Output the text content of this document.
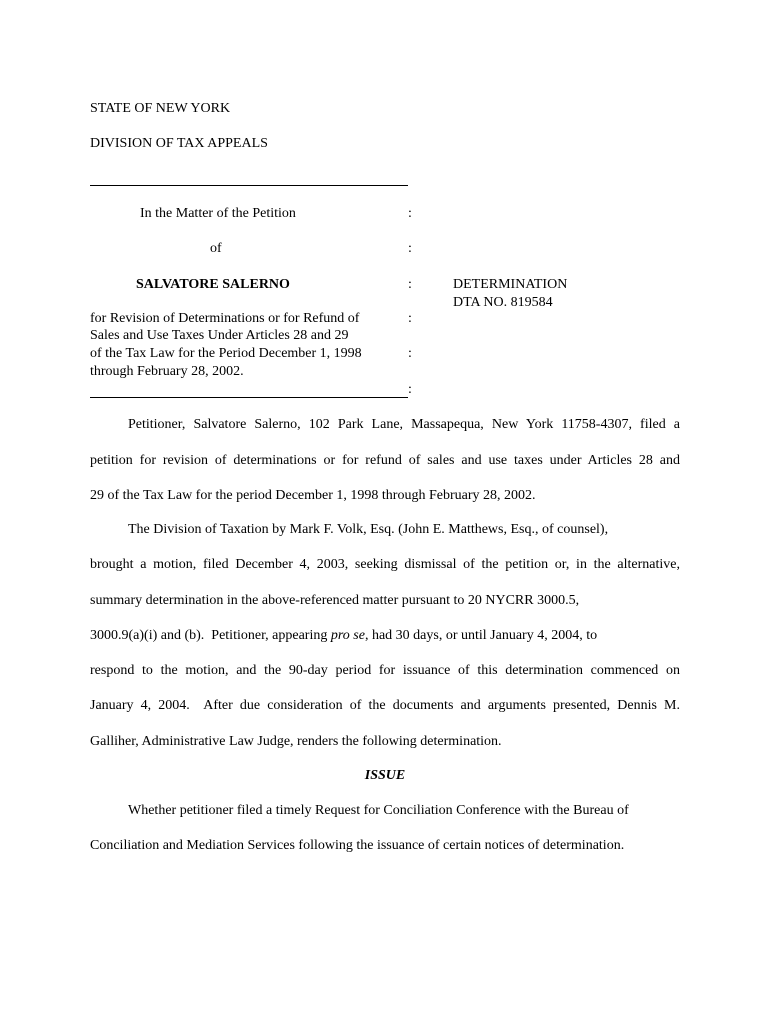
STATE OF NEW YORK
DIVISION OF TAX APPEALS
In the Matter of the Petition
of
SALVATORE SALERNO
for Revision of Determinations or for Refund of
Sales and Use Taxes Under Articles 28 and 29
of the Tax Law for the Period December 1, 1998
through February 28, 2002.
:
:
:
:
:
:
DETERMINATION
DTA NO. 819584
Petitioner, Salvatore Salerno, 102 Park Lane, Massapequa, New York 11758-4307, filed a
petition for revision of determinations or for refund of sales and use taxes under Articles 28 and
29 of the Tax Law for the period December 1, 1998 through February 28, 2002.
The Division of Taxation by Mark F. Volk, Esq. (John E. Matthews, Esq., of counsel),
brought a motion, filed December 4, 2003, seeking dismissal of the petition or, in the alternative,
summary determination in the above-referenced matter pursuant to 20 NYCRR 3000.5,
3000.9(a)(i) and (b).  Petitioner, appearing pro se, had 30 days, or until January 4, 2004, to
respond to the motion, and the 90-day period for issuance of this determination commenced on
January 4, 2004.  After due consideration of the documents and arguments presented, Dennis M.
Galliher, Administrative Law Judge, renders the following determination.
ISSUE
Whether petitioner filed a timely Request for Conciliation Conference with the Bureau of
Conciliation and Mediation Services following the issuance of certain notices of determination.
